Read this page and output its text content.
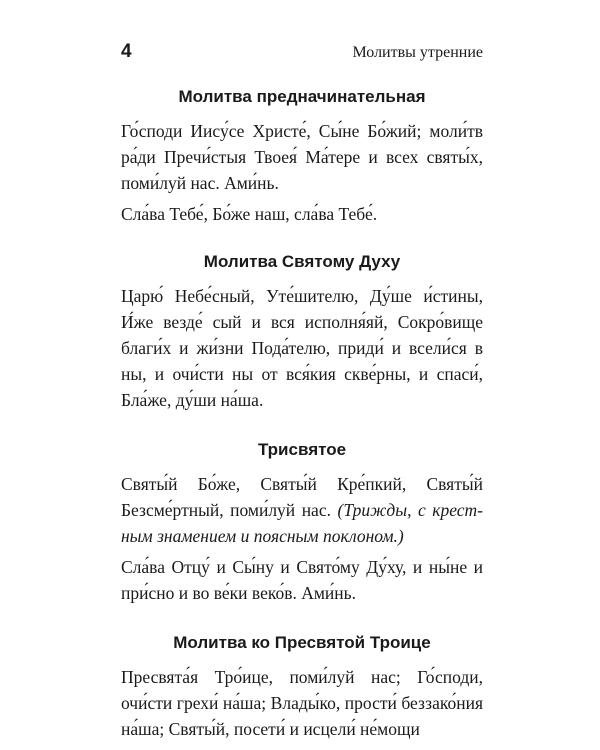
4	Молитвы утренние
Молитва предначинательная

Го́споди Иису́се Христе́, Сы́не Бо́жий; моли́тв ра́ди Пречи́стыя Твоея́ Ма́тере и всех святы́х, поми́луй нас. Ами́нь.

Сла́ва Тебе́, Бо́же наш, сла́ва Тебе́.

Молитва Святому Духу

Царю́ Небе́сный, Уте́шителю, Ду́ше и́стины, И́же везде́ сый и вся исполня́яй, Сокро́вище благи́х и жи́зни Пода́телю, приди́ и всели́ся в ны, и очи́сти ны от вся́кия скве́рны, и спаси́, Бла́же, ду́ши на́ша.

Трисвятое

Святы́й Бо́же, Святы́й Кре́пкий, Святы́й Безсме́ртный, поми́луй нас. (Трижды, с крестным знамением и поясным поклоном.)

Сла́ва Отцу́ и Сы́ну и Свято́му Ду́ху, и ны́не и при́сно и во ве́ки веко́в. Ами́нь.

Молитва ко Пресвятой Троице

Пресвята́я Тро́ице, поми́луй нас; Го́споди, очи́сти грехи́ на́ша; Влады́ко, прости́ беззако́ния на́ша; Святы́й, посети́ и исцели́ не́мощи
